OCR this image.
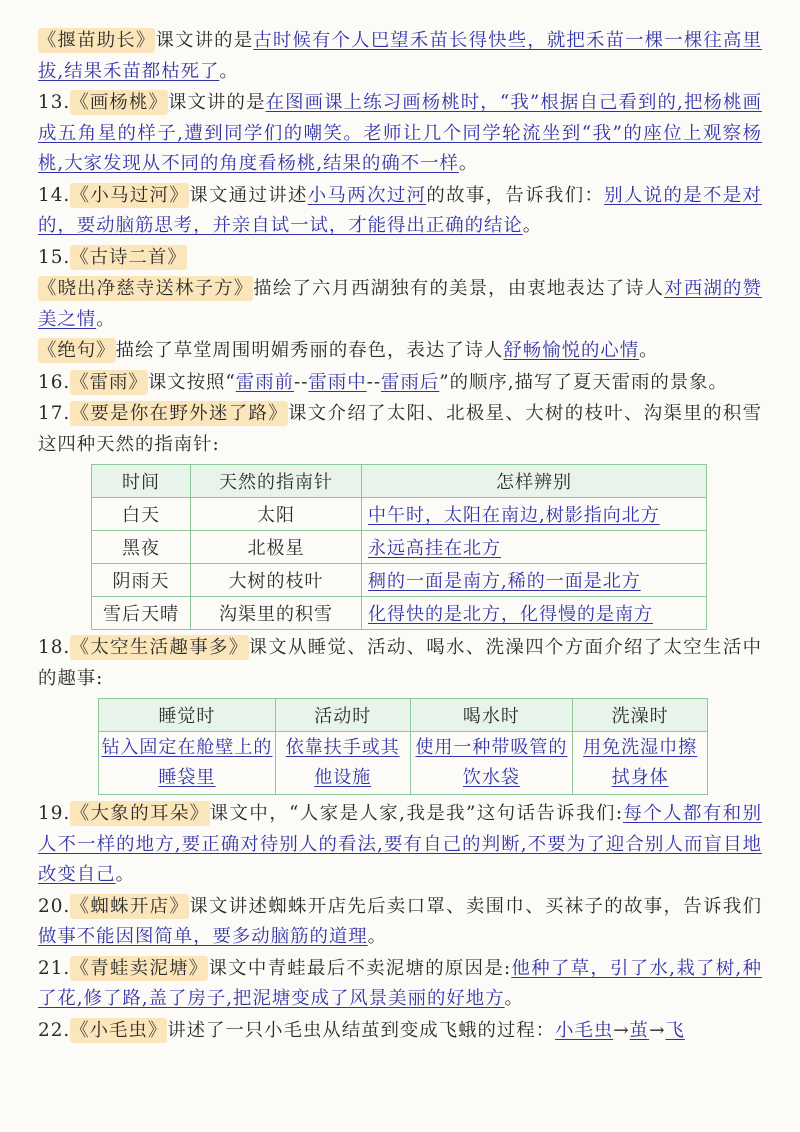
《揠苗助长》课文讲的是古时候有个人巴望禾苗长得快些，就把禾苗一棵一棵往高里拔,结果禾苗都枯死了。

13.《画杨桃》课文讲的是在图画课上练习画杨桃时，“我”根据自己看到的,把杨桃画成五角星的样子,遭到同学们的嘲笑。老师让几个同学轮流坐到“我”的座位上观察杨桃,大家发现从不同的角度看杨桃,结果的确不一样。

14.《小马过河》课文通过讲述小马两次过河的故事，告诉我们：别人说的是不是对的，要动脑筋思考，并亲自试一试，才能得出正确的结论。

15.《古诗二首》

《晓出净慈寺送林子方》描绘了六月西湖独有的美景，由衷地表达了诗人对西湖的赞美之情。

《绝句》描绘了草堂周围明媚秀丽的春色，表达了诗人舒畅愉悦的心情。

16.《雷雨》课文按照“雷雨前--雷雨中--雷雨后”的顺序,描写了夏天雷雨的景象。

17.《要是你在野外迷了路》课文介绍了太阳、北极星、大树的枝叶、沟渠里的积雪这四种天然的指南针:

时间	天然的指南针	怎样辨别
白天	太阳	中午时，太阳在南边,树影指向北方
黑夜	北极星	永远高挂在北方
阴雨天	大树的枝叶	稠的一面是南方,稀的一面是北方
雪后天晴	沟渠里的积雪	化得快的是北方，化得慢的是南方

18.《太空生活趣事多》课文从睡觉、活动、喝水、洗澡四个方面介绍了太空生活中的趣事:

睡觉时	活动时	喝水时	洗澡时
钻入固定在舱壁上的睡袋里	依靠扶手或其他设施	使用一种带吸管的饮水袋	用免洗湿巾擦拭身体

19.《大象的耳朵》课文中，“人家是人家,我是我”这句话告诉我们:每个人都有和别人不一样的地方,要正确对待别人的看法,要有自己的判断,不要为了迎合别人而盲目地改变自己。

20.《蜘蛛开店》课文讲述蜘蛛开店先后卖口罩、卖围巾、买袜子的故事，告诉我们做事不能因图简单，要多动脑筋的道理。

21.《青蛙卖泥塘》课文中青蛙最后不卖泥塘的原因是:他种了草，引了水,栽了树,种了花,修了路,盖了房子,把泥塘变成了风景美丽的好地方。

22.《小毛虫》讲述了一只小毛虫从结茧到变成飞蛾的过程：小毛虫→茧→飞
